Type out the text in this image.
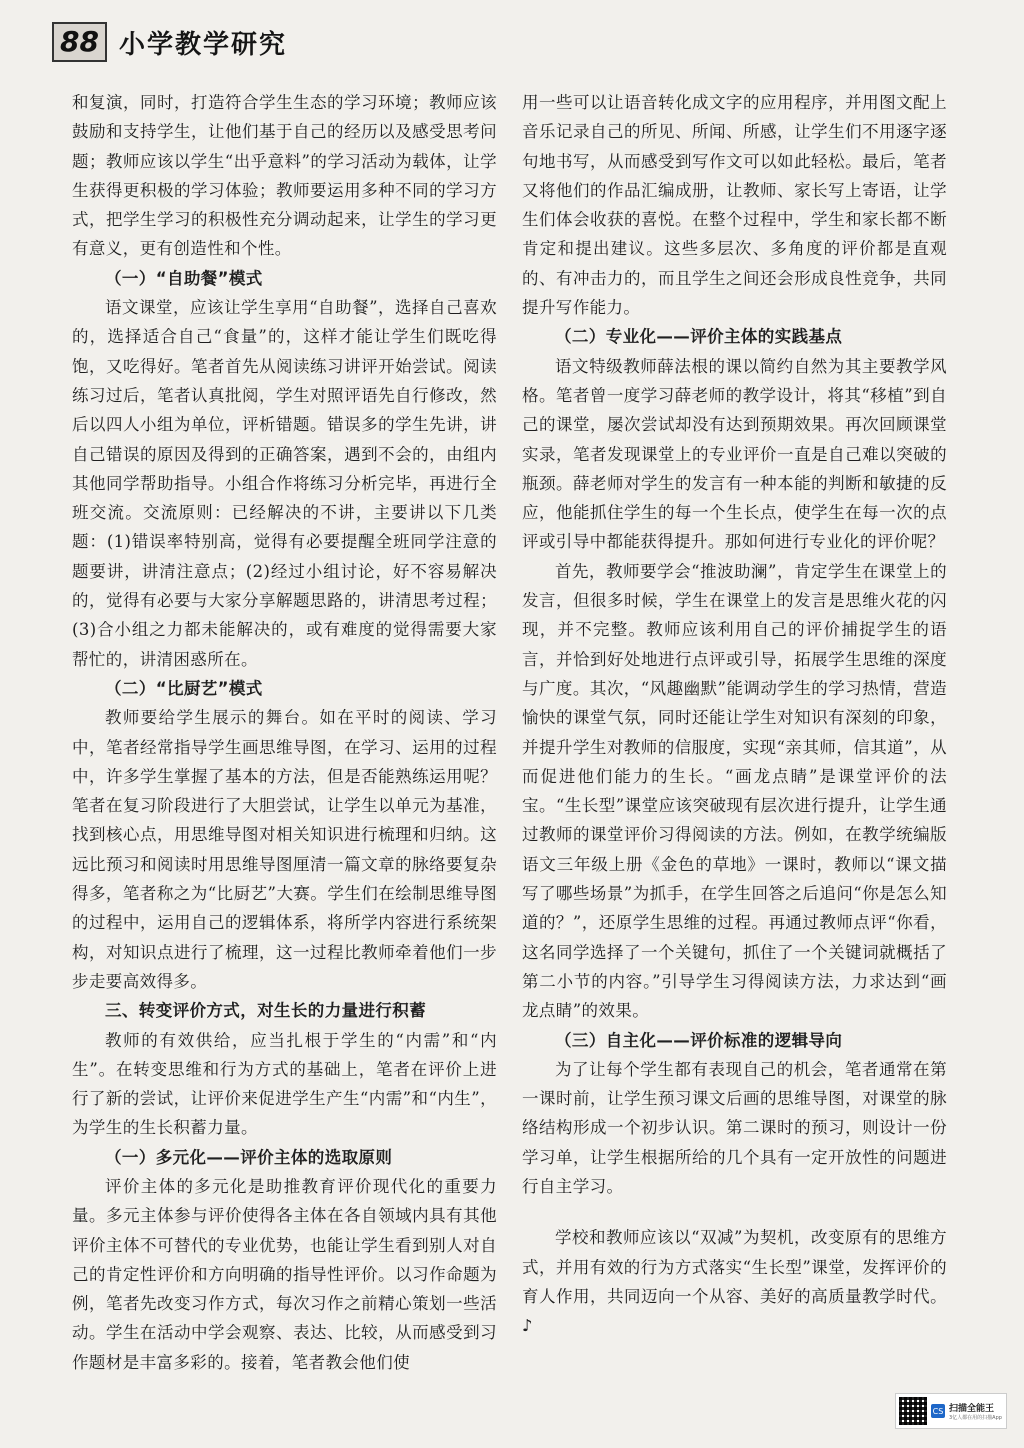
88 小学教学研究

和复演，同时，打造符合学生生态的学习环境；教师应该鼓励和支持学生，让他们基于自己的经历以及感受思考问题；教师应该以学生“出乎意料”的学习活动为载体，让学生获得更积极的学习体验；教师要运用多种不同的学习方式，把学生学习的积极性充分调动起来，让学生的学习更有意义，更有创造性和个性。

（一）“自助餐”模式

语文课堂，应该让学生享用“自助餐”，选择自己喜欢的，选择适合自己“食量”的，这样才能让学生们既吃得饱，又吃得好。笔者首先从阅读练习讲评开始尝试。阅读练习过后，笔者认真批阅，学生对照评语先自行修改，然后以四人小组为单位，评析错题。错误多的学生先讲，讲自己错误的原因及得到的正确答案，遇到不会的，由组内其他同学帮助指导。小组合作将练习分析完毕，再进行全班交流。交流原则：已经解决的不讲，主要讲以下几类题：(1)错误率特别高，觉得有必要提醒全班同学注意的题要讲，讲清注意点；(2)经过小组讨论，好不容易解决的，觉得有必要与大家分享解题思路的，讲清思考过程；(3)合小组之力都未能解决的，或有难度的觉得需要大家帮忙的，讲清困惑所在。

（二）“比厨艺”模式

教师要给学生展示的舞台。如在平时的阅读、学习中，笔者经常指导学生画思维导图，在学习、运用的过程中，许多学生掌握了基本的方法，但是否能熟练运用呢？笔者在复习阶段进行了大胆尝试，让学生以单元为基准，找到核心点，用思维导图对相关知识进行梳理和归纳。这远比预习和阅读时用思维导图厘清一篇文章的脉络要复杂得多，笔者称之为“比厨艺”大赛。学生们在绘制思维导图的过程中，运用自己的逻辑体系，将所学内容进行系统架构，对知识点进行了梳理，这一过程比教师牵着他们一步步走要高效得多。

三、转变评价方式，对生长的力量进行积蓄

教师的有效供给，应当扎根于学生的“内需”和“内生”。在转变思维和行为方式的基础上，笔者在评价上进行了新的尝试，让评价来促进学生产生“内需”和“内生”，为学生的生长积蓄力量。

（一）多元化——评价主体的选取原则

评价主体的多元化是助推教育评价现代化的重要力量。多元主体参与评价使得各主体在各自领域内具有其他评价主体不可替代的专业优势，也能让学生看到别人对自己的肯定性评价和方向明确的指导性评价。以习作命题为例，笔者先改变习作方式，每次习作之前精心策划一些活动。学生在活动中学会观察、表达、比较，从而感受到习作题材是丰富多彩的。接着，笔者教会他们使

用一些可以让语音转化成文字的应用程序，并用图文配上音乐记录自己的所见、所闻、所感，让学生们不用逐字逐句地书写，从而感受到写作文可以如此轻松。最后，笔者又将他们的作品汇编成册，让教师、家长写上寄语，让学生们体会收获的喜悦。在整个过程中，学生和家长都不断肯定和提出建议。这些多层次、多角度的评价都是直观的、有冲击力的，而且学生之间还会形成良性竞争，共同提升写作能力。

（二）专业化——评价主体的实践基点

语文特级教师薛法根的课以简约自然为其主要教学风格。笔者曾一度学习薛老师的教学设计，将其“移植”到自己的课堂，屡次尝试却没有达到预期效果。再次回顾课堂实录，笔者发现课堂上的专业评价一直是自己难以突破的瓶颈。薛老师对学生的发言有一种本能的判断和敏捷的反应，他能抓住学生的每一个生长点，使学生在每一次的点评或引导中都能获得提升。那如何进行专业化的评价呢？

首先，教师要学会“推波助澜”，肯定学生在课堂上的发言，但很多时候，学生在课堂上的发言是思维火花的闪现，并不完整。教师应该利用自己的评价捕捉学生的语言，并恰到好处地进行点评或引导，拓展学生思维的深度与广度。其次，“风趣幽默”能调动学生的学习热情，营造愉快的课堂气氛，同时还能让学生对知识有深刻的印象，并提升学生对教师的信服度，实现“亲其师，信其道”，从而促进他们能力的生长。“画龙点睛”是课堂评价的法宝。“生长型”课堂应该突破现有层次进行提升，让学生通过教师的课堂评价习得阅读的方法。例如，在教学统编版语文三年级上册《金色的草地》一课时，教师以“课文描写了哪些场景”为抓手，在学生回答之后追问“你是怎么知道的？”，还原学生思维的过程。再通过教师点评“你看，这名同学选择了一个关键句，抓住了一个关键词就概括了第二小节的内容。”引导学生习得阅读方法，力求达到“画龙点睛”的效果。

（三）自主化——评价标准的逻辑导向

为了让每个学生都有表现自己的机会，笔者通常在第一课时前，让学生预习课文后画的思维导图，对课堂的脉络结构形成一个初步认识。第二课时的预习，则设计一份学习单，让学生根据所给的几个具有一定开放性的问题进行自主学习。

学校和教师应该以“双减”为契机，改变原有的思维方式，并用有效的行为方式落实“生长型”课堂，发挥评价的育人作用，共同迈向一个从容、美好的高质量教学时代。♪

CS 扫描全能王
3亿人都在用的扫描App
